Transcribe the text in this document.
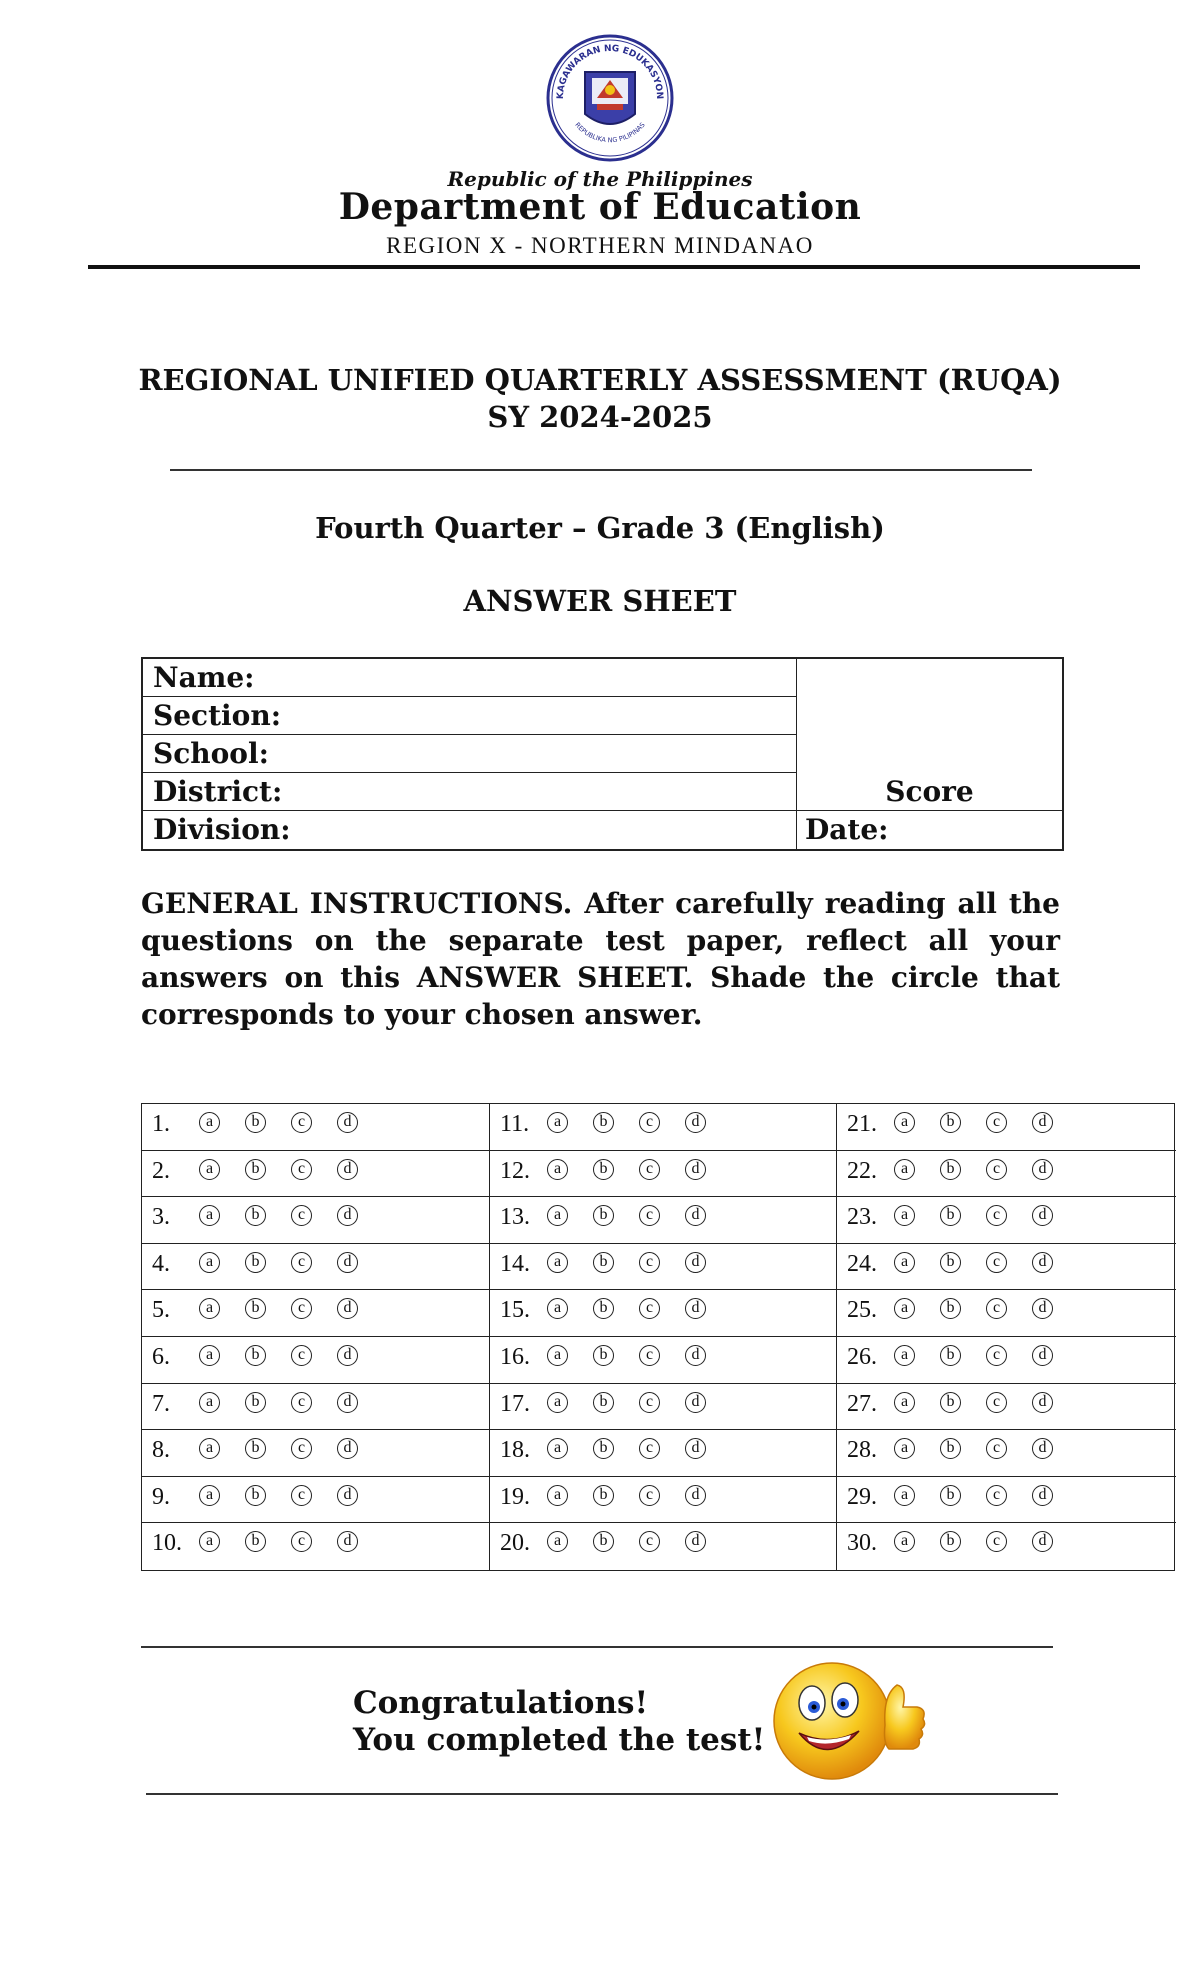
KAGAWARAN NG EDUKASYON
REPUBLIKA NG PILIPINAS
Republic of the Philippines
Department of Education
REGION X - NORTHERN MINDANAO
REGIONAL UNIFIED QUARTERLY ASSESSMENT (RUQA)
SY 2024-2025
Fourth Quarter – Grade 3 (English)
ANSWER SHEET
Name:
Section:
School:
District:
Division:
Score
Date:
GENERAL INSTRUCTIONS. After carefully reading all the questions on the separate test paper, reflect all your answers on this ANSWER SHEET. Shade the circle that corresponds to your chosen answer.
1.	a	b	c	d
2.	a	b	c	d
3.	a	b	c	d
4.	a	b	c	d
5.	a	b	c	d
6.	a	b	c	d
7.	a	b	c	d
8.	a	b	c	d
9.	a	b	c	d
10.	a	b	c	d
11.	a	b	c	d
12.	a	b	c	d
13.	a	b	c	d
14.	a	b	c	d
15.	a	b	c	d
16.	a	b	c	d
17.	a	b	c	d
18.	a	b	c	d
19.	a	b	c	d
20.	a	b	c	d
21.	a	b	c	d
22.	a	b	c	d
23.	a	b	c	d
24.	a	b	c	d
25.	a	b	c	d
26.	a	b	c	d
27.	a	b	c	d
28.	a	b	c	d
29.	a	b	c	d
30.	a	b	c	d
Congratulations!
You completed the test!
